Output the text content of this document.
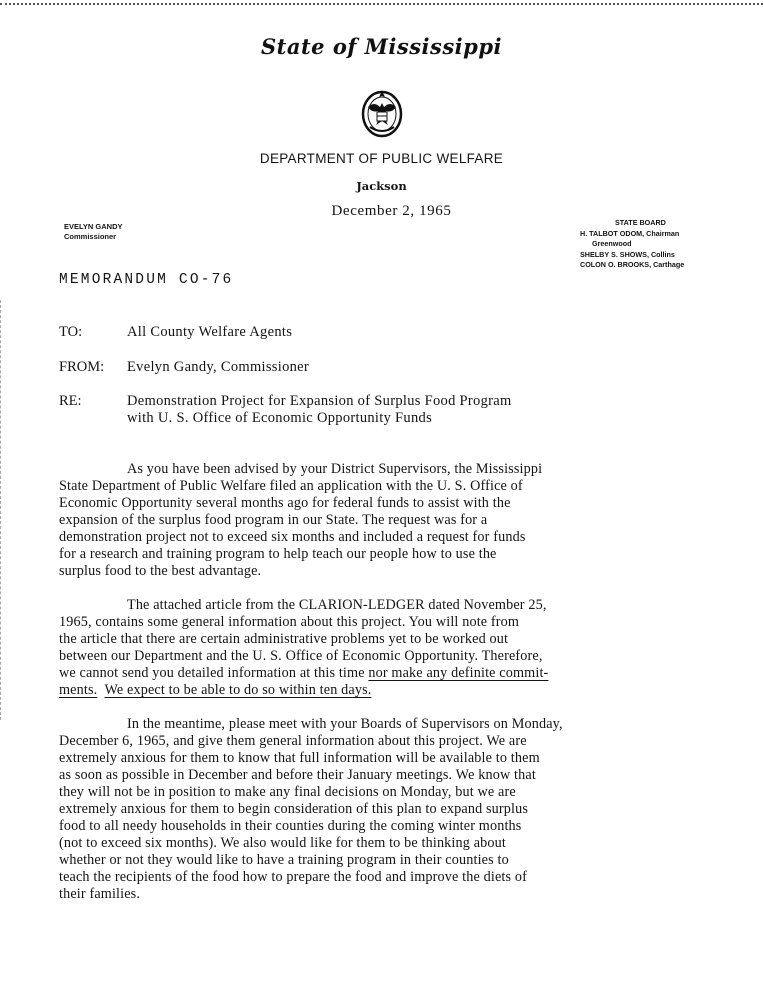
State of Mississippi
DEPARTMENT OF PUBLIC WELFARE
Jackson
December 2, 1965
EVELYN GANDY
Commissioner
STATE BOARD
H. TALBOT ODOM, Chairman
Greenwood
SHELBY S. SHOWS, Collins
COLON O. BROOKS, Carthage
MEMORANDUM CO-76
TO:	All County Welfare Agents
FROM: Evelyn Gandy, Commissioner
RE:	Demonstration Project for Expansion of Surplus Food Program
with U. S. Office of Economic Opportunity Funds
As you have been advised by your District Supervisors, the Mississippi
State Department of Public Welfare filed an application with the U. S. Office of
Economic Opportunity several months ago for federal funds to assist with the
expansion of the surplus food program in our State. The request was for a
demonstration project not to exceed six months and included a request for funds
for a research and training program to help teach our people how to use the
surplus food to the best advantage.
The attached article from the CLARION-LEDGER dated November 25,
1965, contains some general information about this project. You will note from
the article that there are certain administrative problems yet to be worked out
between our Department and the U. S. Office of Economic Opportunity. Therefore,
we cannot send you detailed information at this time nor make any definite commit-
ments. We expect to be able to do so within ten days.
In the meantime, please meet with your Boards of Supervisors on Monday,
December 6, 1965, and give them general information about this project. We are
extremely anxious for them to know that full information will be available to them
as soon as possible in December and before their January meetings. We know that
they will not be in position to make any final decisions on Monday, but we are
extremely anxious for them to begin consideration of this plan to expand surplus
food to all needy households in their counties during the coming winter months
(not to exceed six months). We also would like for them to be thinking about
whether or not they would like to have a training program in their counties to
teach the recipients of the food how to prepare the food and improve the diets of
their families.
